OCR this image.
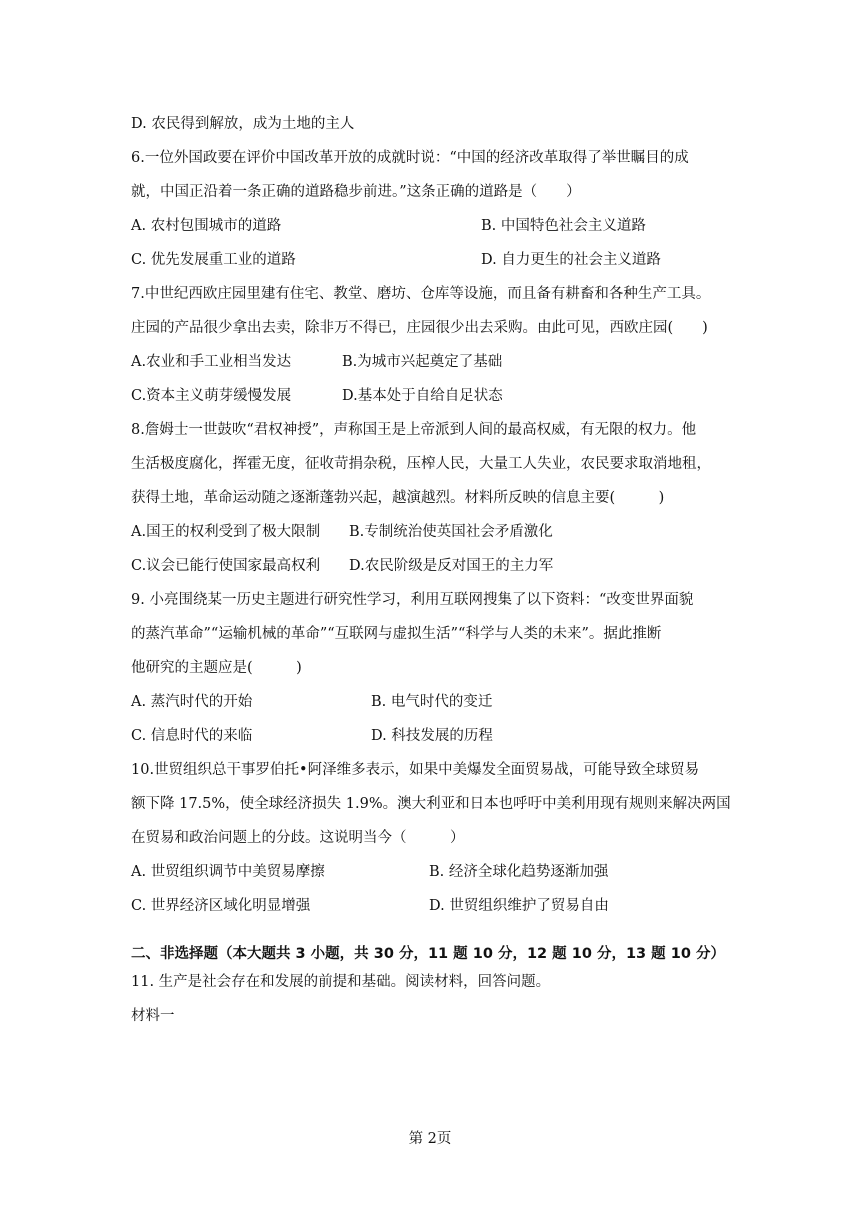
D. 农民得到解放，成为土地的主人
6.一位外国政要在评价中国改革开放的成就时说：“中国的经济改革取得了举世瞩目的成
就，中国正沿着一条正确的道路稳步前进。”这条正确的道路是（　　）
A. 农村包围城市的道路	B. 中国特色社会主义道路
C. 优先发展重工业的道路	D. 自力更生的社会主义道路
7.中世纪西欧庄园里建有住宅、教堂、磨坊、仓库等设施，而且备有耕畜和各种生产工具。
庄园的产品很少拿出去卖，除非万不得已，庄园很少出去采购。由此可见，西欧庄园(　　)
A.农业和手工业相当发达	B.为城市兴起奠定了基础
C.资本主义萌芽缓慢发展	D.基本处于自给自足状态
8.詹姆士一世鼓吹“君权神授”，声称国王是上帝派到人间的最高权威，有无限的权力。他
生活极度腐化，挥霍无度，征收苛捐杂税，压榨人民，大量工人失业，农民要求取消地租，
获得土地，革命运动随之逐渐蓬勃兴起，越演越烈。材料所反映的信息主要(　　　)
A.国王的权利受到了极大限制 B.专制统治使英国社会矛盾激化
C.议会已能行使国家最高权利 D.农民阶级是反对国王的主力军
9. 小亮围绕某一历史主题进行研究性学习，利用互联网搜集了以下资料：“改变世界面貌
的蒸汽革命”“运输机械的革命”“互联网与虚拟生活”“科学与人类的未来”。据此推断
他研究的主题应是(　　　)
A. 蒸汽时代的开始	B. 电气时代的变迁
C. 信息时代的来临	D. 科技发展的历程
10.世贸组织总干事罗伯托•阿泽维多表示，如果中美爆发全面贸易战，可能导致全球贸易
额下降 17.5%，使全球经济损失 1.9%。澳大利亚和日本也呼吁中美利用现有规则来解决两国
在贸易和政治问题上的分歧。这说明当今（　　　）
A. 世贸组织调节中美贸易摩擦	B. 经济全球化趋势逐渐加强
C. 世界经济区域化明显增强	D. 世贸组织维护了贸易自由
二、非选择题（本大题共 3 小题，共 30 分，11 题 10 分，12 题 10 分，13 题 10 分）
11. 生产是社会存在和发展的前提和基础。阅读材料，回答问题。
材料一
第 2页
